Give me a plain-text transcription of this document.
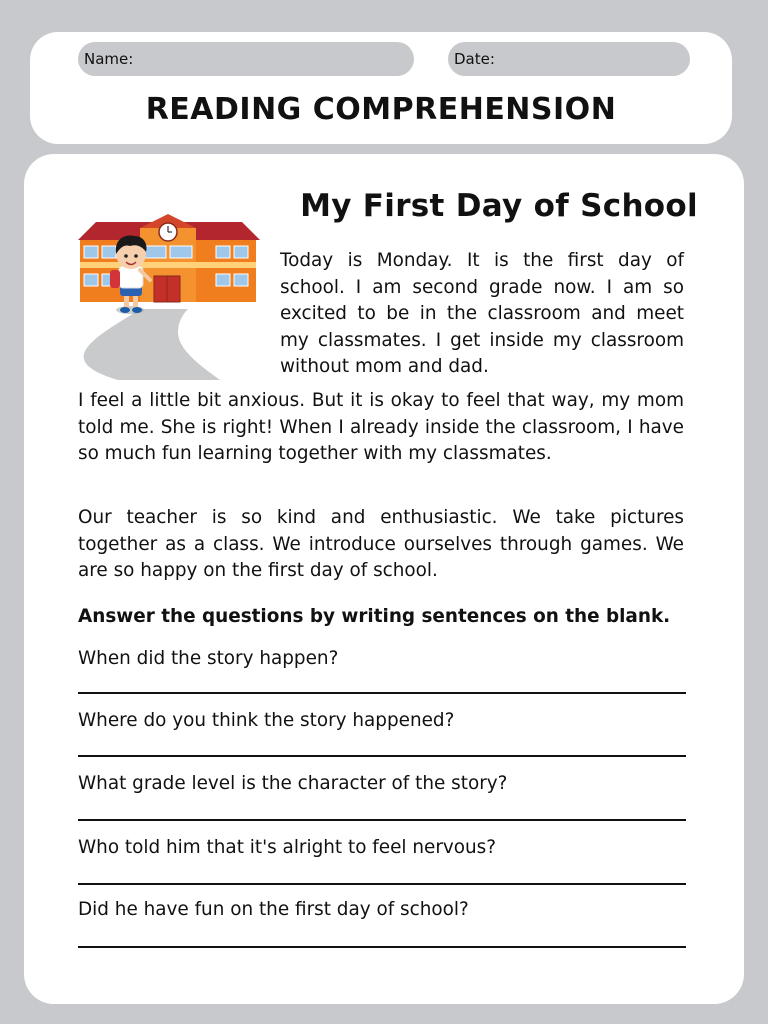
Name:	Date:
READING COMPREHENSION
My First Day of School

Today is Monday. It is the first day of school. I am second grade now. I am so excited to be in the classroom and meet my classmates. I get inside my classroom without mom and dad.

I feel a little bit anxious. But it is okay to feel that way, my mom told me. She is right! When I already inside the classroom, I have so much fun learning together with my classmates.

Our teacher is so kind and enthusiastic. We take pictures together as a class. We introduce ourselves through games. We are so happy on the first day of school.

Answer the questions by writing sentences on the blank.

When did the story happen?

Where do you think the story happened?

What grade level is the character of the story?

Who told him that it's alright to feel nervous?

Did he have fun on the first day of school?
